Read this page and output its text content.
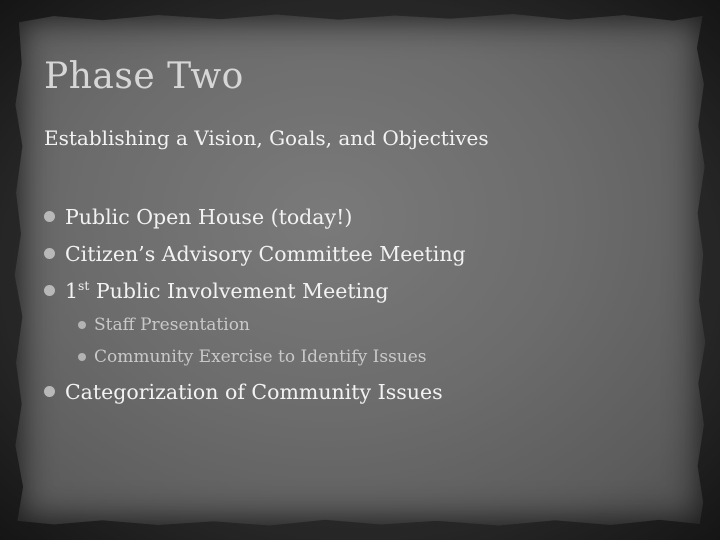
Phase Two

Establishing a Vision, Goals, and Objectives

Public Open House (today!)
Citizen’s Advisory Committee Meeting
1st Public Involvement Meeting
Staff Presentation
Community Exercise to Identify Issues
Categorization of Community Issues
